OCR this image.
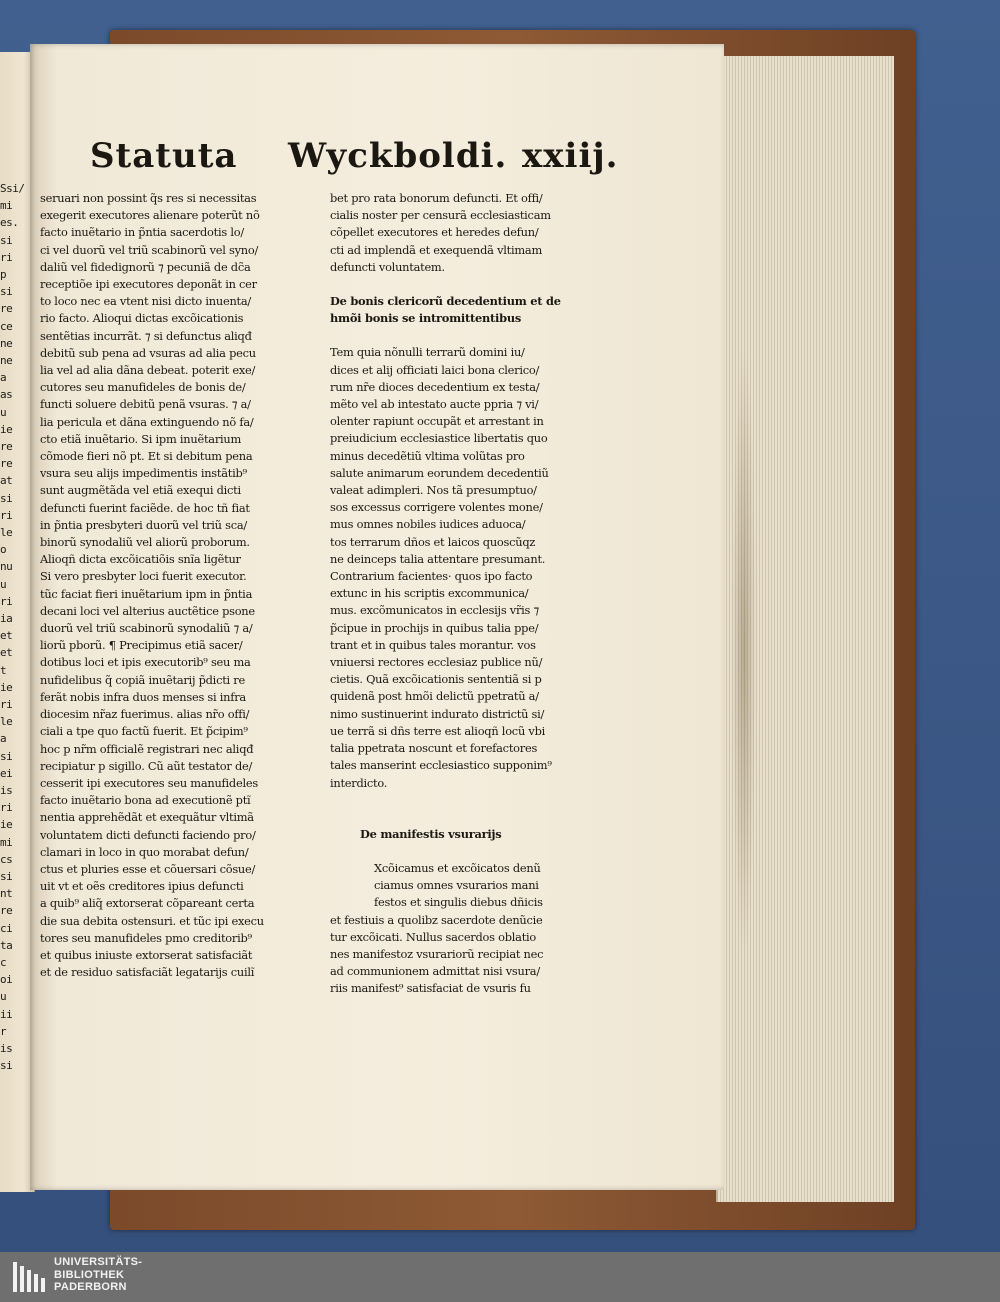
Ssi/
mi
es.
si
ri
p
si
re
ce
ne
ne
a
as
u
ie
re
re
at
si
ri
le
o
nu
u
ri
ia
et
et
t
ie
ri
le
a
si
ei
is
ri
ie
mi
cs
si
nt
re
ci
ta
c
oi
u
ii
r
is
si
Statuta Wyckboldi. xxiij.

seruari non possint q̃s res si necessitas

exegerit executores alienare poterũt nõ

facto inuẽtario in p̃ntia sacerdotis lo/

ci vel duorũ vel triũ scabinorũ vel syno/

daliũ vel fidedignorũ ⁊ pecuniã de dc̃a

receptiõe ipi executores deponãt in cer

to loco nec ea vtent nisi dicto inuenta/

rio facto. Alioqui dictas excõicationis

sentẽtias incurrãt. ⁊ si defunctus aliqđ

debitũ sub pena ad vsuras ad alia pecu

lia vel ad alia dãna debeat. poterit exe/

cutores seu manufideles de bonis de/

functi soluere debitũ penã vsuras. ⁊ a/

lia pericula et dãna extinguendo nõ fa/

cto etiã inuẽtario. Si ipm inuẽtarium

cõmode fieri nõ pt. Et si debitum pena

vsura seu alijs impedimentis instãtib⁹

sunt augmẽtãda vel etiã exequi dicti

defuncti fuerint faciẽde. de hoc tñ fiat

in p̃ntia presbyteri duorũ vel triũ sca/

binorũ synodaliũ vel aliorũ proborum.

Alioqñ dicta excõicatiõis snĩa ligẽtur

Si vero presbyter loci fuerit executor.

tũc faciat fieri inuẽtarium ipm in p̃ntia

decani loci vel alterius auctẽtice psone

duorũ vel triũ scabinorũ synodaliũ ⁊ a/

liorũ pborũ. ¶ Precipimus etiã sacer/

dotibus loci et ipis executorib⁹ seu ma

nufidelibus q̃ copiã inuẽtarij p̃dicti re

ferãt nobis infra duos menses si infra

diocesim nr̃az fuerimus. alias nr̃o offi/

ciali a tpe quo factũ fuerit. Et p̃cipim⁹

hoc p nr̃m officialẽ registrari nec aliqđ

recipiatur p sigillo. Cũ aũt testator de/

cesserit ipi executores seu manufideles

facto inuẽtario bona ad executionẽ ptĩ

nentia apprehẽdãt et exequãtur vltimã

voluntatem dicti defuncti faciendo pro/

clamari in loco in quo morabat defun/

ctus et pluries esse et cõuersari cõsue/

uit vt et oẽs creditores ipius defuncti

a quib⁹ aliq̃ extorserat cõpareant certa

die sua debita ostensuri. et tũc ipi execu

tores seu manufideles pmo creditorib⁹

et quibus iniuste extorserat satisfaciãt

et de residuo satisfaciãt legatarijs cuilĩ

bet pro rata bonorum defuncti. Et offi/

cialis noster per censurã ecclesiasticam

cõpellet executores et heredes defun/

cti ad implendã et exequendã vltimam

defuncti voluntatem.

De bonis clericorũ decedentium et de

hmõi bonis se intromittentibus

Tem quia nõnulli terrarũ domini iu/

dices et alij officiati laici bona clerico/

rum nr̃e dioces decedentium ex testa/

mẽto vel ab intestato aucte ppria ⁊ vi/

olenter rapiunt occupãt et arrestant in

preiudicium ecclesiastice libertatis quo

minus decedẽtiũ vltima volũtas pro

salute animarum eorundem decedentiũ

valeat adimpleri. Nos tã presumptuo/

sos excessus corrigere volentes mone/

mus omnes nobiles iudices aduoca/

tos terrarum dños et laicos quoscũqz

ne deinceps talia attentare presumant.

Contrarium facientes· quos ipo facto

extunc in his scriptis excommunica/

mus. excõmunicatos in ecclesijs vr̃is ⁊

p̃cipue in prochijs in quibus talia ppe/

trant et in quibus tales morantur. vos

vniuersi rectores ecclesiaz publice nũ/

cietis. Quã excõicationis sententiã si p

quidenã post hmõi delictũ ppetratũ a/

nimo sustinuerint indurato districtũ si/

ue terrã si dñs terre est alioqñ locũ vbi

talia ppetrata noscunt et forefactores

tales manserint ecclesiastico supponim⁹

interdicto.

De manifestis vsurarijs

Xcõicamus et excõicatos denũ

ciamus omnes vsurarios mani

festos et singulis diebus dñicis

et festiuis a quolibz sacerdote denũcie

tur excõicati. Nullus sacerdos oblatio

nes manifestoz vsurariorũ recipiat nec

ad communionem admittat nisi vsura/

riis manifest⁹ satisfaciat de vsuris fu

UNIVERSITÄTS-
BIBLIOTHEK
PADERBORN
